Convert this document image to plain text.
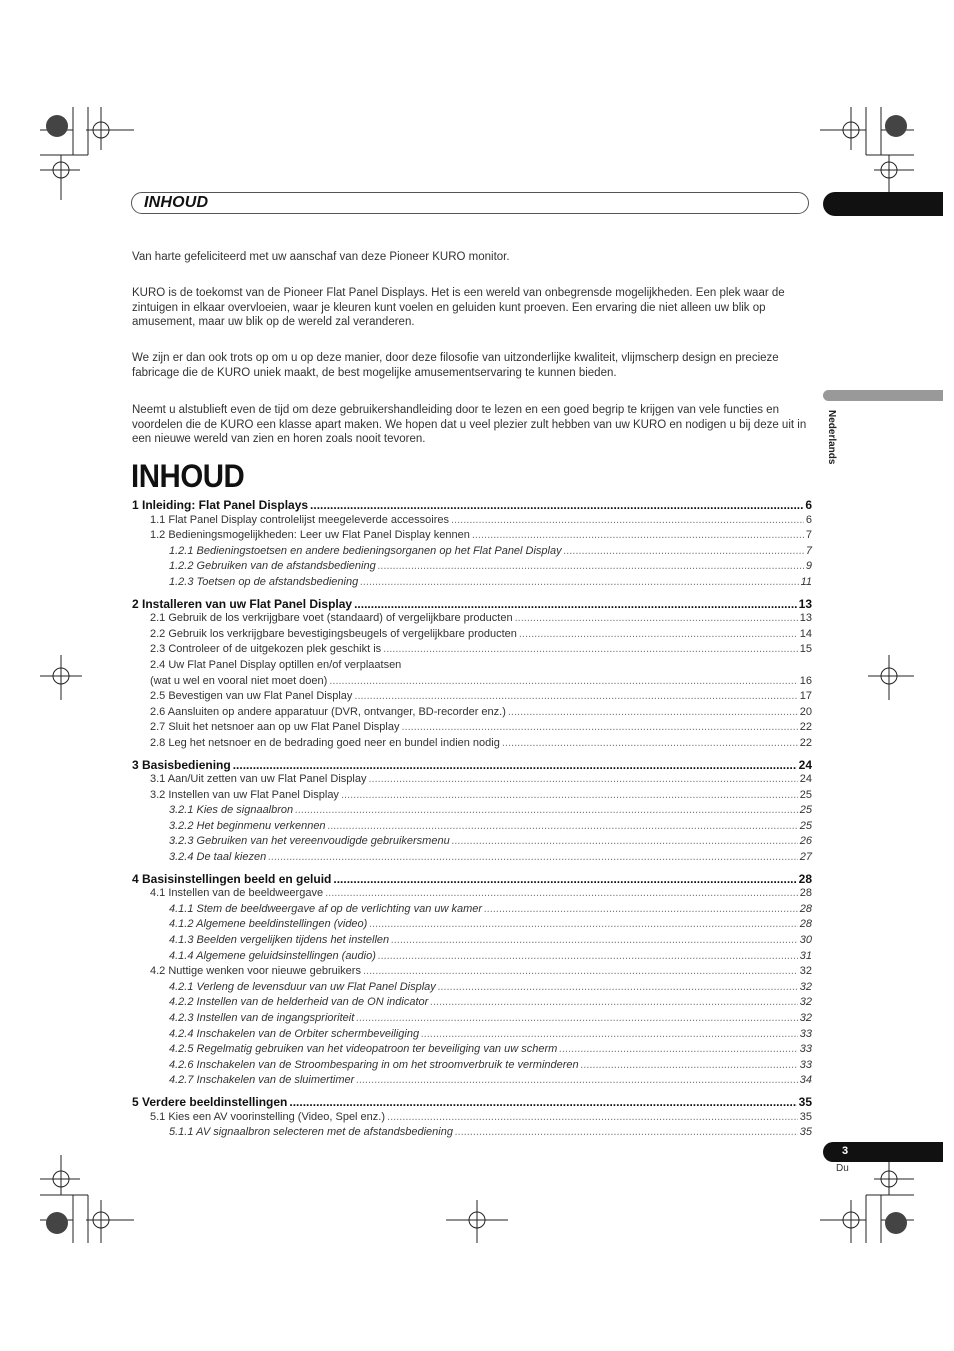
INHOUD
Nederlands

Van harte gefeliciteerd met uw aanschaf van deze Pioneer KURO monitor.

KURO is de toekomst van de Pioneer Flat Panel Displays. Het is een wereld van onbegrensde mogelijkheden. Een plek waar de zintuigen in elkaar overvloeien, waar je kleuren kunt voelen en geluiden kunt proeven. Een ervaring die niet alleen uw blik op amusement, maar uw blik op de wereld zal veranderen.

We zijn er dan ook trots op om u op deze manier, door deze filosofie van uitzonderlijke kwaliteit, vlijmscherp design en precieze fabricage die de KURO uniek maakt, de best mogelijke amusementservaring te kunnen bieden.

Neemt u alstublieft even de tijd om deze gebruikershandleiding door te lezen en een goed begrip te krijgen van vele functies en voordelen die de KURO een klasse apart maken. We hopen dat u veel plezier zult hebben van uw KURO en nodigen u bij deze uit in een nieuwe wereld van zien en horen zoals nooit tevoren.

INHOUD
1 Inleiding: Flat Panel Displays .....	6
1.1 Flat Panel Display controlelijst meegeleverde accessoires .....	6
1.2 Bedieningsmogelijkheden: Leer uw Flat Panel Display kennen .....	7
1.2.1 Bedieningstoetsen en andere bedieningsorganen op het Flat Panel Display .....	7
1.2.2 Gebruiken van de afstandsbediening .....	9
1.2.3 Toetsen op de afstandsbediening .....	11
2 Installeren van uw Flat Panel Display .....	13
2.1 Gebruik de los verkrijgbare voet (standaard) of vergelijkbare producten .....	13
2.2 Gebruik los verkrijgbare bevestigingsbeugels of vergelijkbare producten .....	14
2.3 Controleer of de uitgekozen plek geschikt is .....	15
2.4 Uw Flat Panel Display optillen en/of verplaatsen
(wat u wel en vooral niet moet doen) .....	16
2.5 Bevestigen van uw Flat Panel Display .....	17
2.6 Aansluiten op andere apparatuur (DVR, ontvanger, BD-recorder enz.) .....	20
2.7 Sluit het netsnoer aan op uw Flat Panel Display .....	22
2.8 Leg het netsnoer en de bedrading goed neer en bundel indien nodig .....	22
3 Basisbediening .....	24
3.1 Aan/Uit zetten van uw Flat Panel Display .....	24
3.2 Instellen van uw Flat Panel Display .....	25
3.2.1 Kies de signaalbron .....	25
3.2.2 Het beginmenu verkennen .....	25
3.2.3 Gebruiken van het vereenvoudigde gebruikersmenu .....	26
3.2.4 De taal kiezen .....	27
4 Basisinstellingen beeld en geluid .....	28
4.1 Instellen van de beeldweergave .....	28
4.1.1 Stem de beeldweergave af op de verlichting van uw kamer .....	28
4.1.2 Algemene beeldinstellingen (video) .....	28
4.1.3 Beelden vergelijken tijdens het instellen .....	30
4.1.4 Algemene geluidsinstellingen (audio) .....	31
4.2 Nuttige wenken voor nieuwe gebruikers .....	32
4.2.1 Verleng de levensduur van uw Flat Panel Display .....	32
4.2.2 Instellen van de helderheid van de ON indicator .....	32
4.2.3 Instellen van de ingangsprioriteit .....	32
4.2.4 Inschakelen van de Orbiter schermbeveiliging .....	33
4.2.5 Regelmatig gebruiken van het videopatroon ter beveiliging van uw scherm .....	33
4.2.6 Inschakelen van de Stroombesparing in om het stroomverbruik te verminderen .....	33
4.2.7 Inschakelen van de sluimertimer .....	34
5 Verdere beeldinstellingen .....	35
5.1 Kies een AV voorinstelling (Video, Spel enz.) .....	35
5.1.1 AV signaalbron selecteren met de afstandsbediening .....	35
3
Du
